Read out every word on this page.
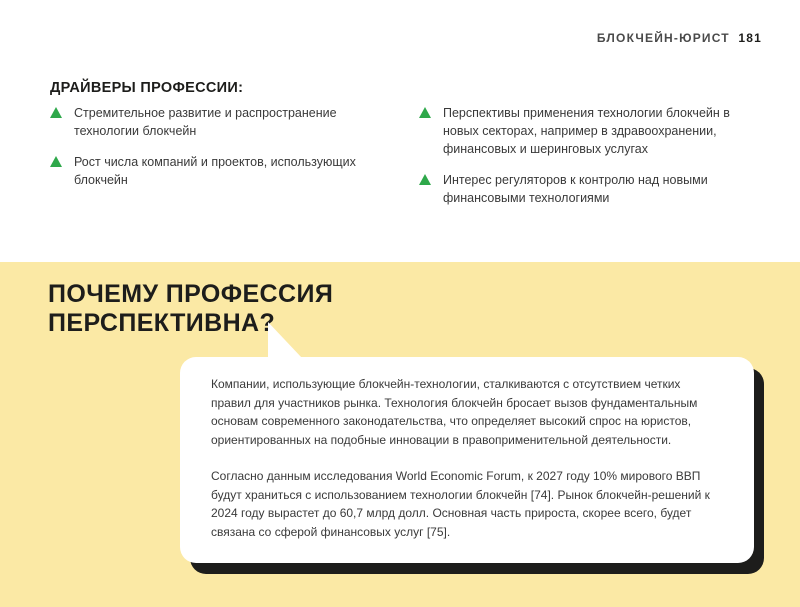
БЛОКЧЕЙН-ЮРИСТ 181
ДРАЙВЕРЫ ПРОФЕССИИ:
Стремительное развитие и распространение технологии блокчейн
Рост числа компаний и проектов, использующих блокчейн
Перспективы применения технологии блокчейн в новых секторах, например в здравоохранении, финансовых и шеринговых услугах
Интерес регуляторов к контролю над новыми финансовыми технологиями
ПОЧЕМУ ПРОФЕССИЯ
ПЕРСПЕКТИВНА?

Компании, использующие блокчейн-технологии, сталкиваются с отсутствием четких правил для участников рынка. Технология блокчейн бросает вызов фундаментальным основам современного законодательства, что определяет высокий спрос на юристов, ориентированных на подобные инновации в правоприменительной деятельности.

Согласно данным исследования World Economic Forum, к 2027 году 10% мирового ВВП будут храниться с использованием технологии блокчейн [74]. Рынок блокчейн-решений к 2024 году вырастет до 60,7 млрд долл. Основная часть прироста, скорее всего, будет связана со сферой финансовых услуг [75].
